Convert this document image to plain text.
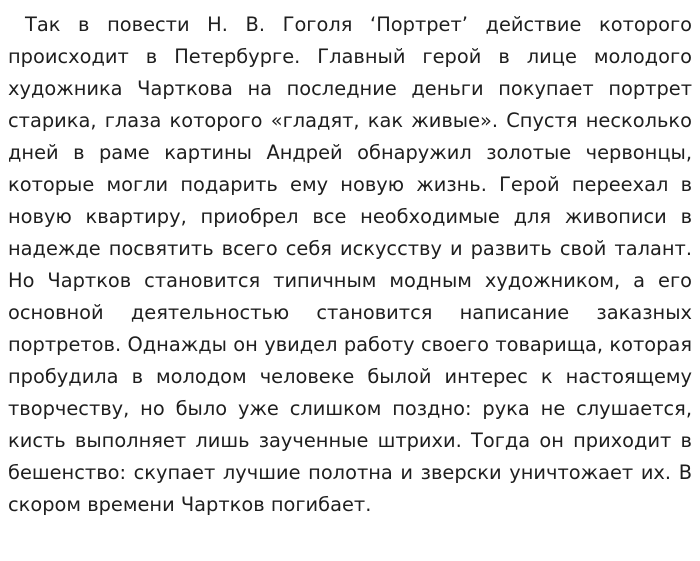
Так в повести Н. В. Гоголя ‘Портрет’ действие которого
происходит в Петербурге. Главный герой в лице молодого
художника Чарткова на последние деньги покупает портрет
старика, глаза которого «гладят, как живые». Спустя несколько
дней в раме картины Андрей обнаружил золотые червонцы,
которые могли подарить ему новую жизнь. Герой переехал в
новую квартиру, приобрел все необходимые для живописи в
надежде посвятить всего себя искусству и развить свой талант.
Но Чартков становится типичным модным художником, а его
основной деятельностью становится написание заказных
портретов. Однажды он увидел работу своего товарища, которая
пробудила в молодом человеке былой интерес к настоящему
творчеству, но было уже слишком поздно: рука не слушается,
кисть выполняет лишь заученные штрихи. Тогда он приходит в
бешенство: скупает лучшие полотна и зверски уничтожает их. В
скором времени Чартков погибает.
